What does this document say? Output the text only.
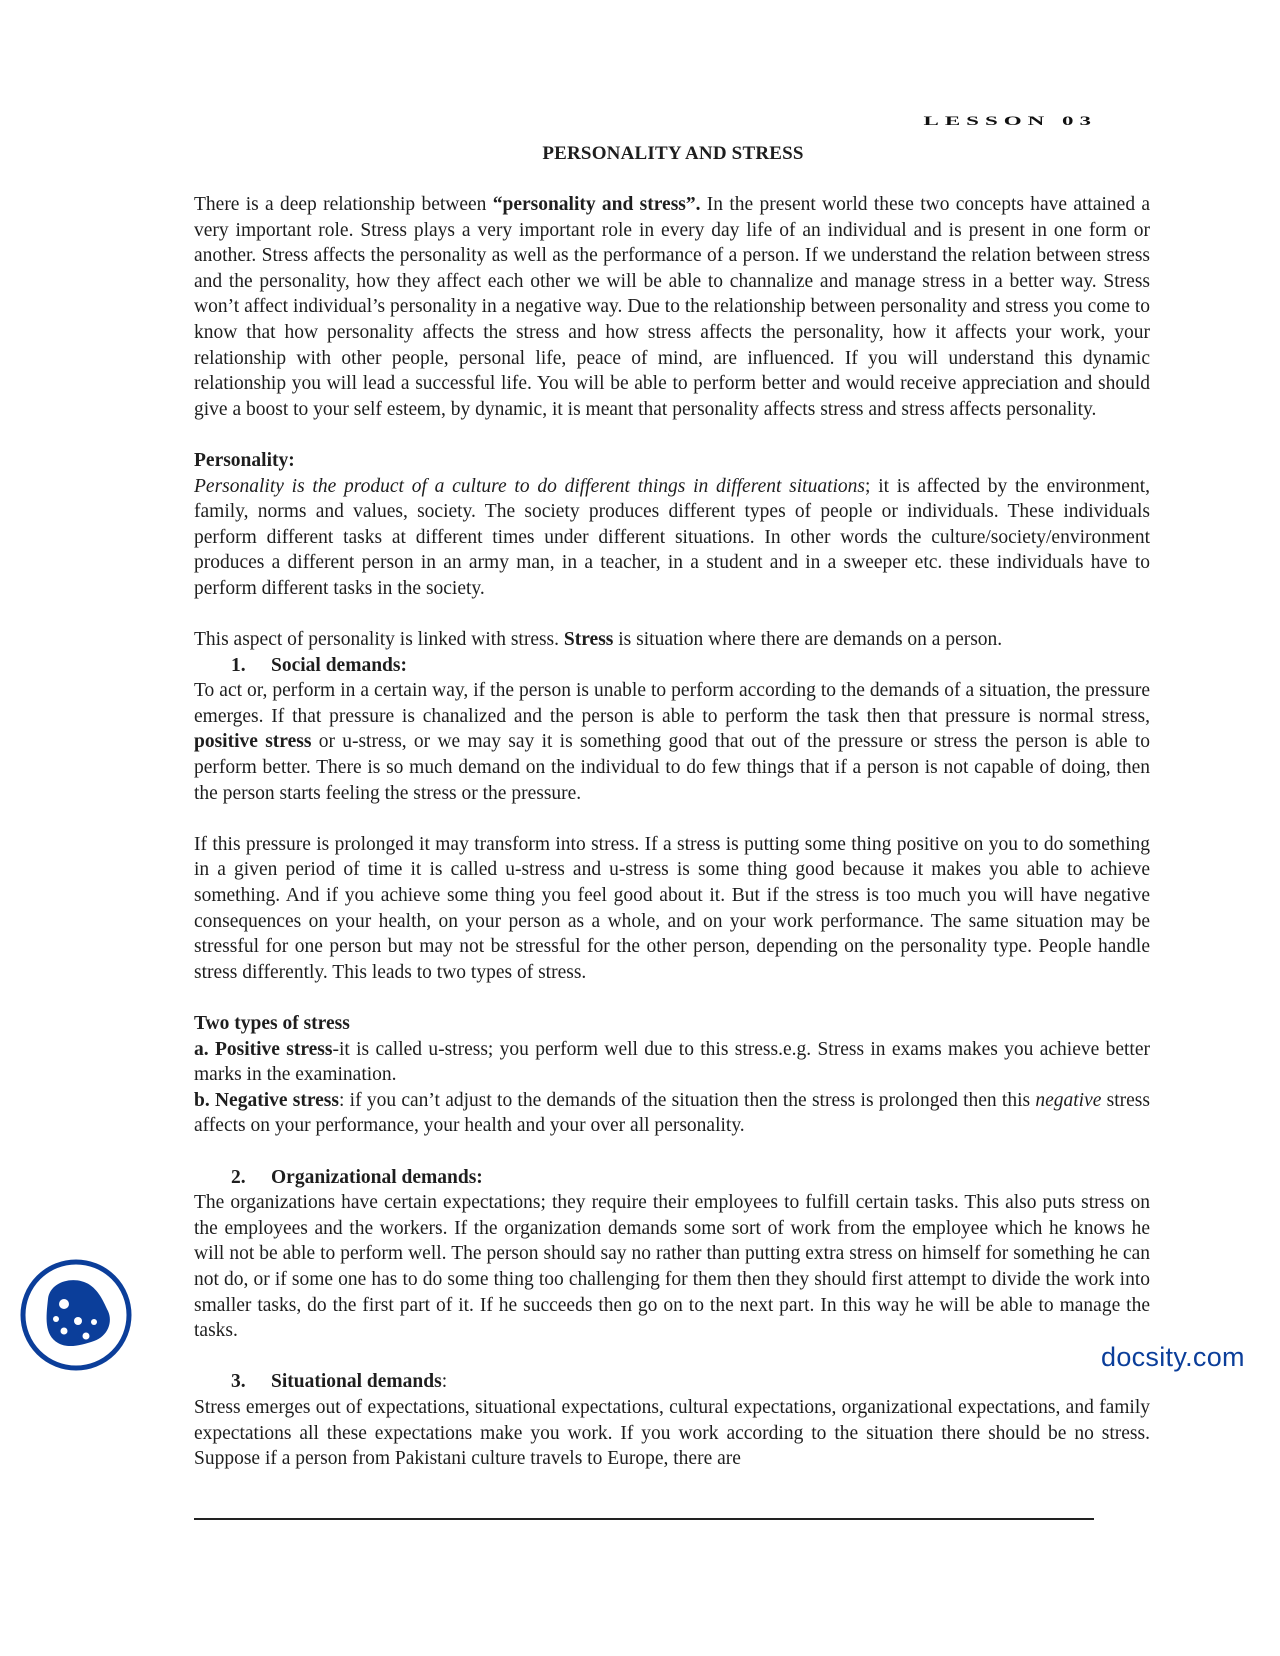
LESSON 03
PERSONALITY AND STRESS

There is a deep relationship between “personality and stress”. In the present world these two concepts have attained a very important role. Stress plays a very important role in every day life of an individual and is present in one form or another. Stress affects the personality as well as the performance of a person. If we understand the relation between stress and the personality, how they affect each other we will be able to channalize and manage stress in a better way. Stress won’t affect individual’s personality in a negative way. Due to the relationship between personality and stress you come to know that how personality affects the stress and how stress affects the personality, how it affects your work, your relationship with other people, personal life, peace of mind, are influenced. If you will understand this dynamic relationship you will lead a successful life. You will be able to perform better and would receive appreciation and should give a boost to your self esteem, by dynamic, it is meant that personality affects stress and stress affects personality.

Personality:

Personality is the product of a culture to do different things in different situations; it is affected by the environment, family, norms and values, society. The society produces different types of people or individuals. These individuals perform different tasks at different times under different situations. In other words the culture/society/environment produces a different person in an army man, in a teacher, in a student and in a sweeper etc. these individuals have to perform different tasks in the society.

This aspect of personality is linked with stress. Stress is situation where there are demands on a person.

1. Social demands:

To act or, perform in a certain way, if the person is unable to perform according to the demands of a situation, the pressure emerges. If that pressure is chanalized and the person is able to perform the task then that pressure is normal stress, positive stress or u-stress, or we may say it is something good that out of the pressure or stress the person is able to perform better. There is so much demand on the individual to do few things that if a person is not capable of doing, then the person starts feeling the stress or the pressure.

If this pressure is prolonged it may transform into stress. If a stress is putting some thing positive on you to do something in a given period of time it is called u-stress and u-stress is some thing good because it makes you able to achieve something. And if you achieve some thing you feel good about it. But if the stress is too much you will have negative consequences on your health, on your person as a whole, and on your work performance. The same situation may be stressful for one person but may not be stressful for the other person, depending on the personality type. People handle stress differently. This leads to two types of stress.

Two types of stress

a. Positive stress-it is called u-stress; you perform well due to this stress.e.g. Stress in exams makes you achieve better marks in the examination.

b. Negative stress: if you can’t adjust to the demands of the situation then the stress is prolonged then this negative stress affects on your performance, your health and your over all personality.

2. Organizational demands:

The organizations have certain expectations; they require their employees to fulfill certain tasks. This also puts stress on the employees and the workers. If the organization demands some sort of work from the employee which he knows he will not be able to perform well. The person should say no rather than putting extra stress on himself for something he can not do, or if some one has to do some thing too challenging for them then they should first attempt to divide the work into smaller tasks, do the first part of it. If he succeeds then go on to the next part. In this way he will be able to manage the tasks.

3. Situational demands:

Stress emerges out of expectations, situational expectations, cultural expectations, organizational expectations, and family expectations all these expectations make you work. If you work according to the situation there should be no stress. Suppose if a person from Pakistani culture travels to Europe, there are

docsity.com
